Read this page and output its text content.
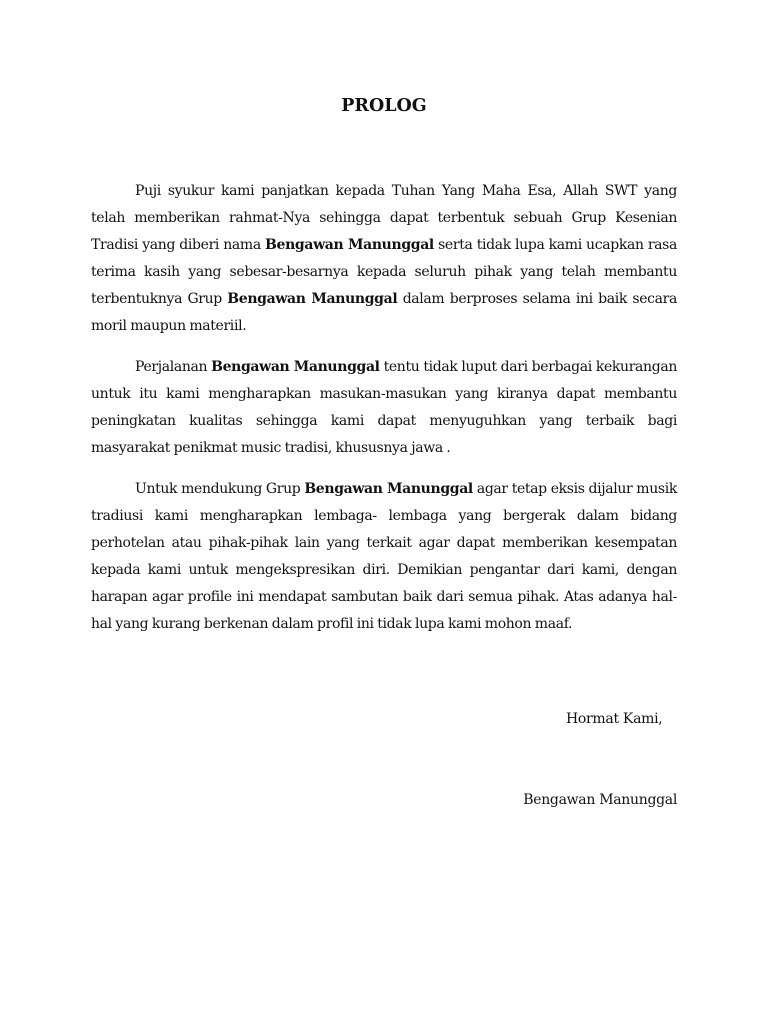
PROLOG

Puji syukur kami panjatkan kepada Tuhan Yang Maha Esa, Allah SWT yang telah memberikan rahmat-Nya sehingga dapat terbentuk sebuah Grup Kesenian Tradisi yang diberi nama Bengawan Manunggal serta tidak lupa kami ucapkan rasa terima kasih yang sebesar-besarnya kepada seluruh pihak yang telah membantu terbentuknya Grup Bengawan Manunggal dalam berproses selama ini baik secara moril maupun materiil.

Perjalanan Bengawan Manunggal tentu tidak luput dari berbagai kekurangan untuk itu kami mengharapkan masukan-masukan yang kiranya dapat membantu peningkatan kualitas sehingga kami dapat menyuguhkan yang terbaik bagi masyarakat penikmat music tradisi, khususnya jawa .

Untuk mendukung Grup Bengawan Manunggal agar tetap eksis dijalur musik tradiusi kami mengharapkan lembaga- lembaga yang bergerak dalam bidang perhotelan atau pihak-pihak lain yang terkait agar dapat memberikan kesempatan kepada kami untuk mengekspresikan diri. Demikian pengantar dari kami, dengan harapan agar profile ini mendapat sambutan baik dari semua pihak. Atas adanya hal-hal yang kurang berkenan dalam profil ini tidak lupa kami mohon maaf.

Hormat Kami,

Bengawan Manunggal
